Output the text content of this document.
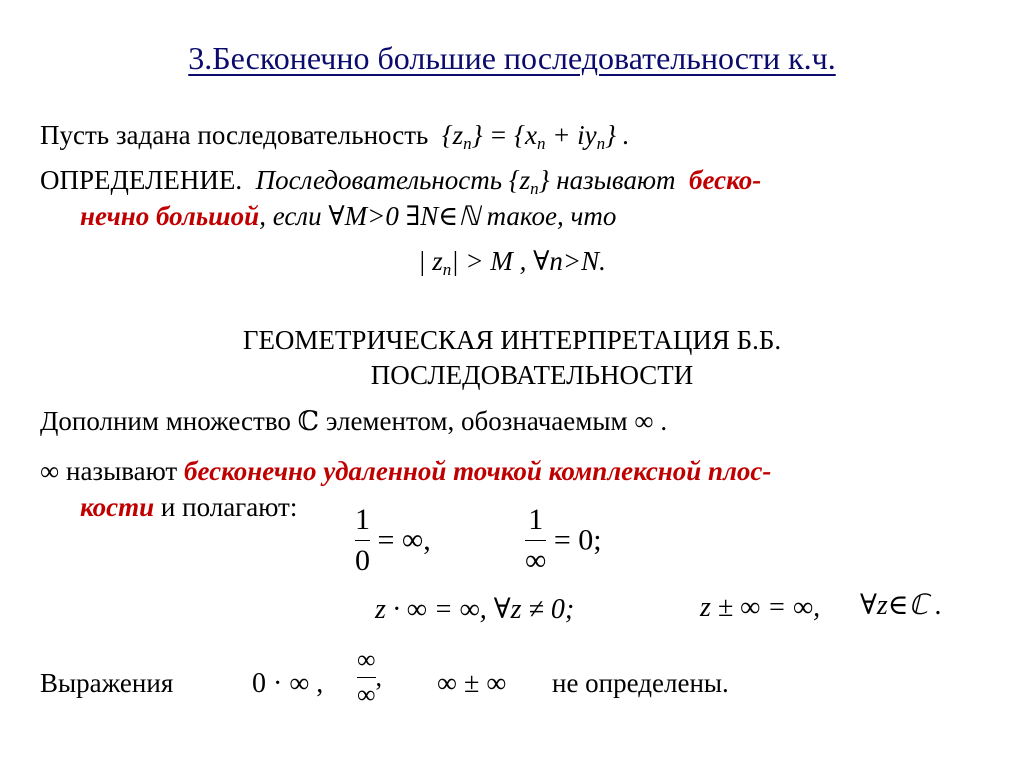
3.Бесконечно большие последовательности к.ч.
Пусть задана последовательность $\{z_n\} = \{x_n + iy_n\}$ .
ОПРЕДЕЛЕНИЕ. Последовательность $\{z_n\}$ называют беско-
нечно большой, если ∀M>0 ∃N∈ℕ такое, что
| $z_n| > M$ , ∀n>N.
ГЕОМЕТРИЧЕСКАЯ ИНТЕРПРЕТАЦИЯ Б.Б.
ПОСЛЕДОВАТЕЛЬНОСТИ
Дополним множество ℂ элементом, обозначаемым ∞ .
∞ называют бесконечно удаленной точкой комплексной плос-
кости и полагают: $\frac{1}{0}$ = ∞,	$\frac{1}{\infty} = 0$;
z · ∞ = ∞, ∀z ≠ 0;	z ± ∞ = ∞, ∀z∈ℂ .
Выражения	0 · ∞ , $\frac{\infty}{\infty}$ , ∞ ± ∞ не определены.
